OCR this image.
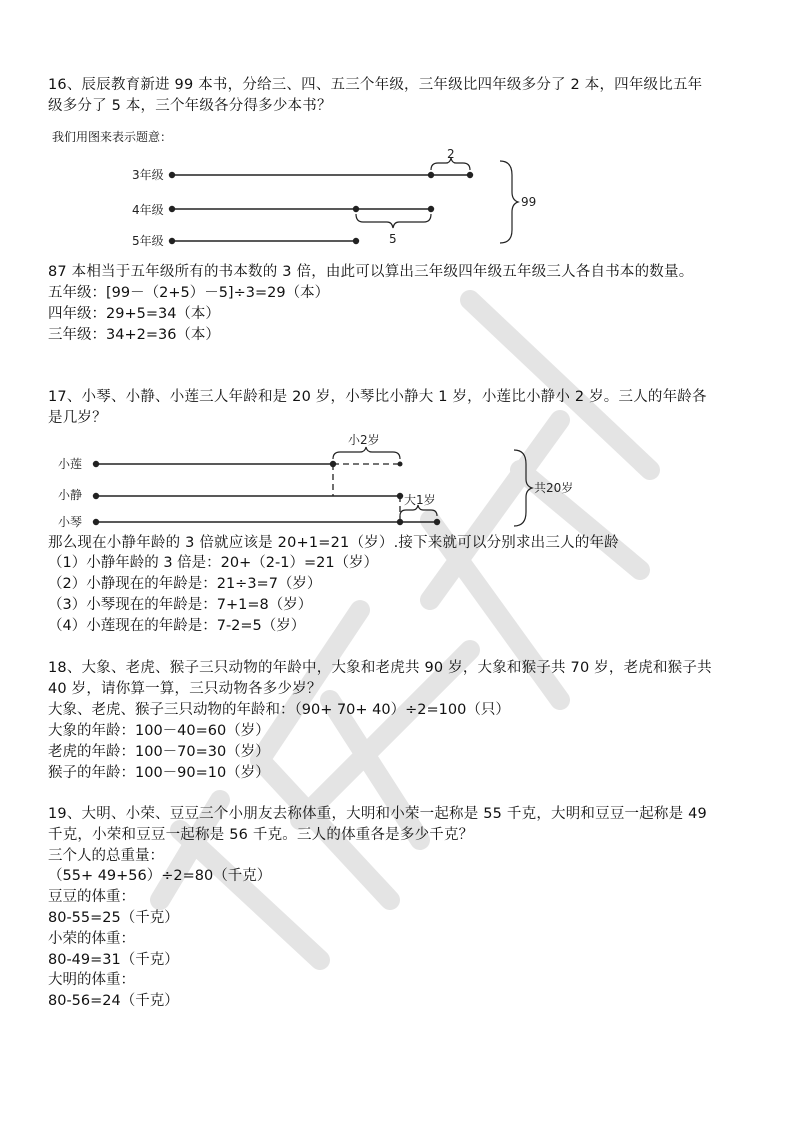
16、辰辰教育新进 99 本书，分给三、四、五三个年级，三年级比四年级多分了 2 本，四年级比五年
级多分了 5 本，三个年级各分得多少本书？
我们用图来表示题意：
3年级
4年级
5年级
2
5
99
87 本相当于五年级所有的书本数的 3 倍，由此可以算出三年级四年级五年级三人各自书本的数量。
五年级：[99－（2+5）－5]÷3=29（本）
四年级：29+5=34（本）
三年级：34+2=36（本）
17、小琴、小静、小莲三人年龄和是 20 岁，小琴比小静大 1 岁，小莲比小静小 2 岁。三人的年龄各
是几岁？
小莲
小静
小琴
小2岁
大1岁
共20岁
那么现在小静年龄的 3 倍就应该是 20+1=21（岁）.接下来就可以分别求出三人的年龄
（1）小静年龄的 3 倍是：20+（2-1）=21（岁）
（2）小静现在的年龄是：21÷3=7（岁）
（3）小琴现在的年龄是：7+1=8（岁）
（4）小莲现在的年龄是：7-2=5（岁）
18、大象、老虎、猴子三只动物的年龄中，大象和老虎共 90 岁，大象和猴子共 70 岁，老虎和猴子共
40 岁，请你算一算，三只动物各多少岁？
大象、老虎、猴子三只动物的年龄和：（90+ 70+ 40）÷2=100（只）
大象的年龄：100－40=60（岁）
老虎的年龄：100－70=30（岁）
猴子的年龄：100－90=10（岁）
19、大明、小荣、豆豆三个小朋友去称体重，大明和小荣一起称是 55 千克，大明和豆豆一起称是 49
千克，小荣和豆豆一起称是 56 千克。三人的体重各是多少千克？
三个人的总重量：
（55+ 49+56）÷2=80（千克）
豆豆的体重：
80-55=25（千克）
小荣的体重：
80-49=31（千克）
大明的体重：
80-56=24（千克）
